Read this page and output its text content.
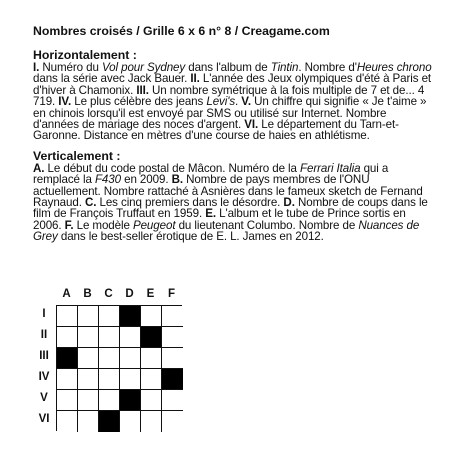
Nombres croisés / Grille 6 x 6 n° 8 / Creagame.com
Horizontalement :
I. Numéro du Vol pour Sydney dans l'album de Tintin. Nombre d'Heures chrono dans la série avec Jack Bauer. II. L'année des Jeux olympiques d'été à Paris et d'hiver à Chamonix. III. Un nombre symétrique à la fois multiple de 7 et de... 4 719. IV. Le plus célèbre des jeans Levi's. V. Un chiffre qui signifie « Je t'aime » en chinois lorsqu'il est envoyé par SMS ou utilisé sur Internet. Nombre d'années de mariage des noces d'argent. VI. Le département du Tarn-et-Garonne. Distance en mètres d'une course de haies en athlétisme.
Verticalement :
A. Le début du code postal de Mâcon. Numéro de la Ferrari Italia qui a remplacé la F430 en 2009. B. Nombre de pays membres de l'ONU actuellement. Nombre rattaché à Asnières dans le fameux sketch de Fernand Raynaud. C. Les cinq premiers dans le désordre. D. Nombre de coups dans le film de François Truffaut en 1959. E. L'album et le tube de Prince sortis en 2006. F. Le modèle Peugeot du lieutenant Columbo. Nombre de Nuances de Grey dans le best-seller érotique de E. L. James en 2012.
A	B	C	D	E	F
I
II
III
IV
V
VI
